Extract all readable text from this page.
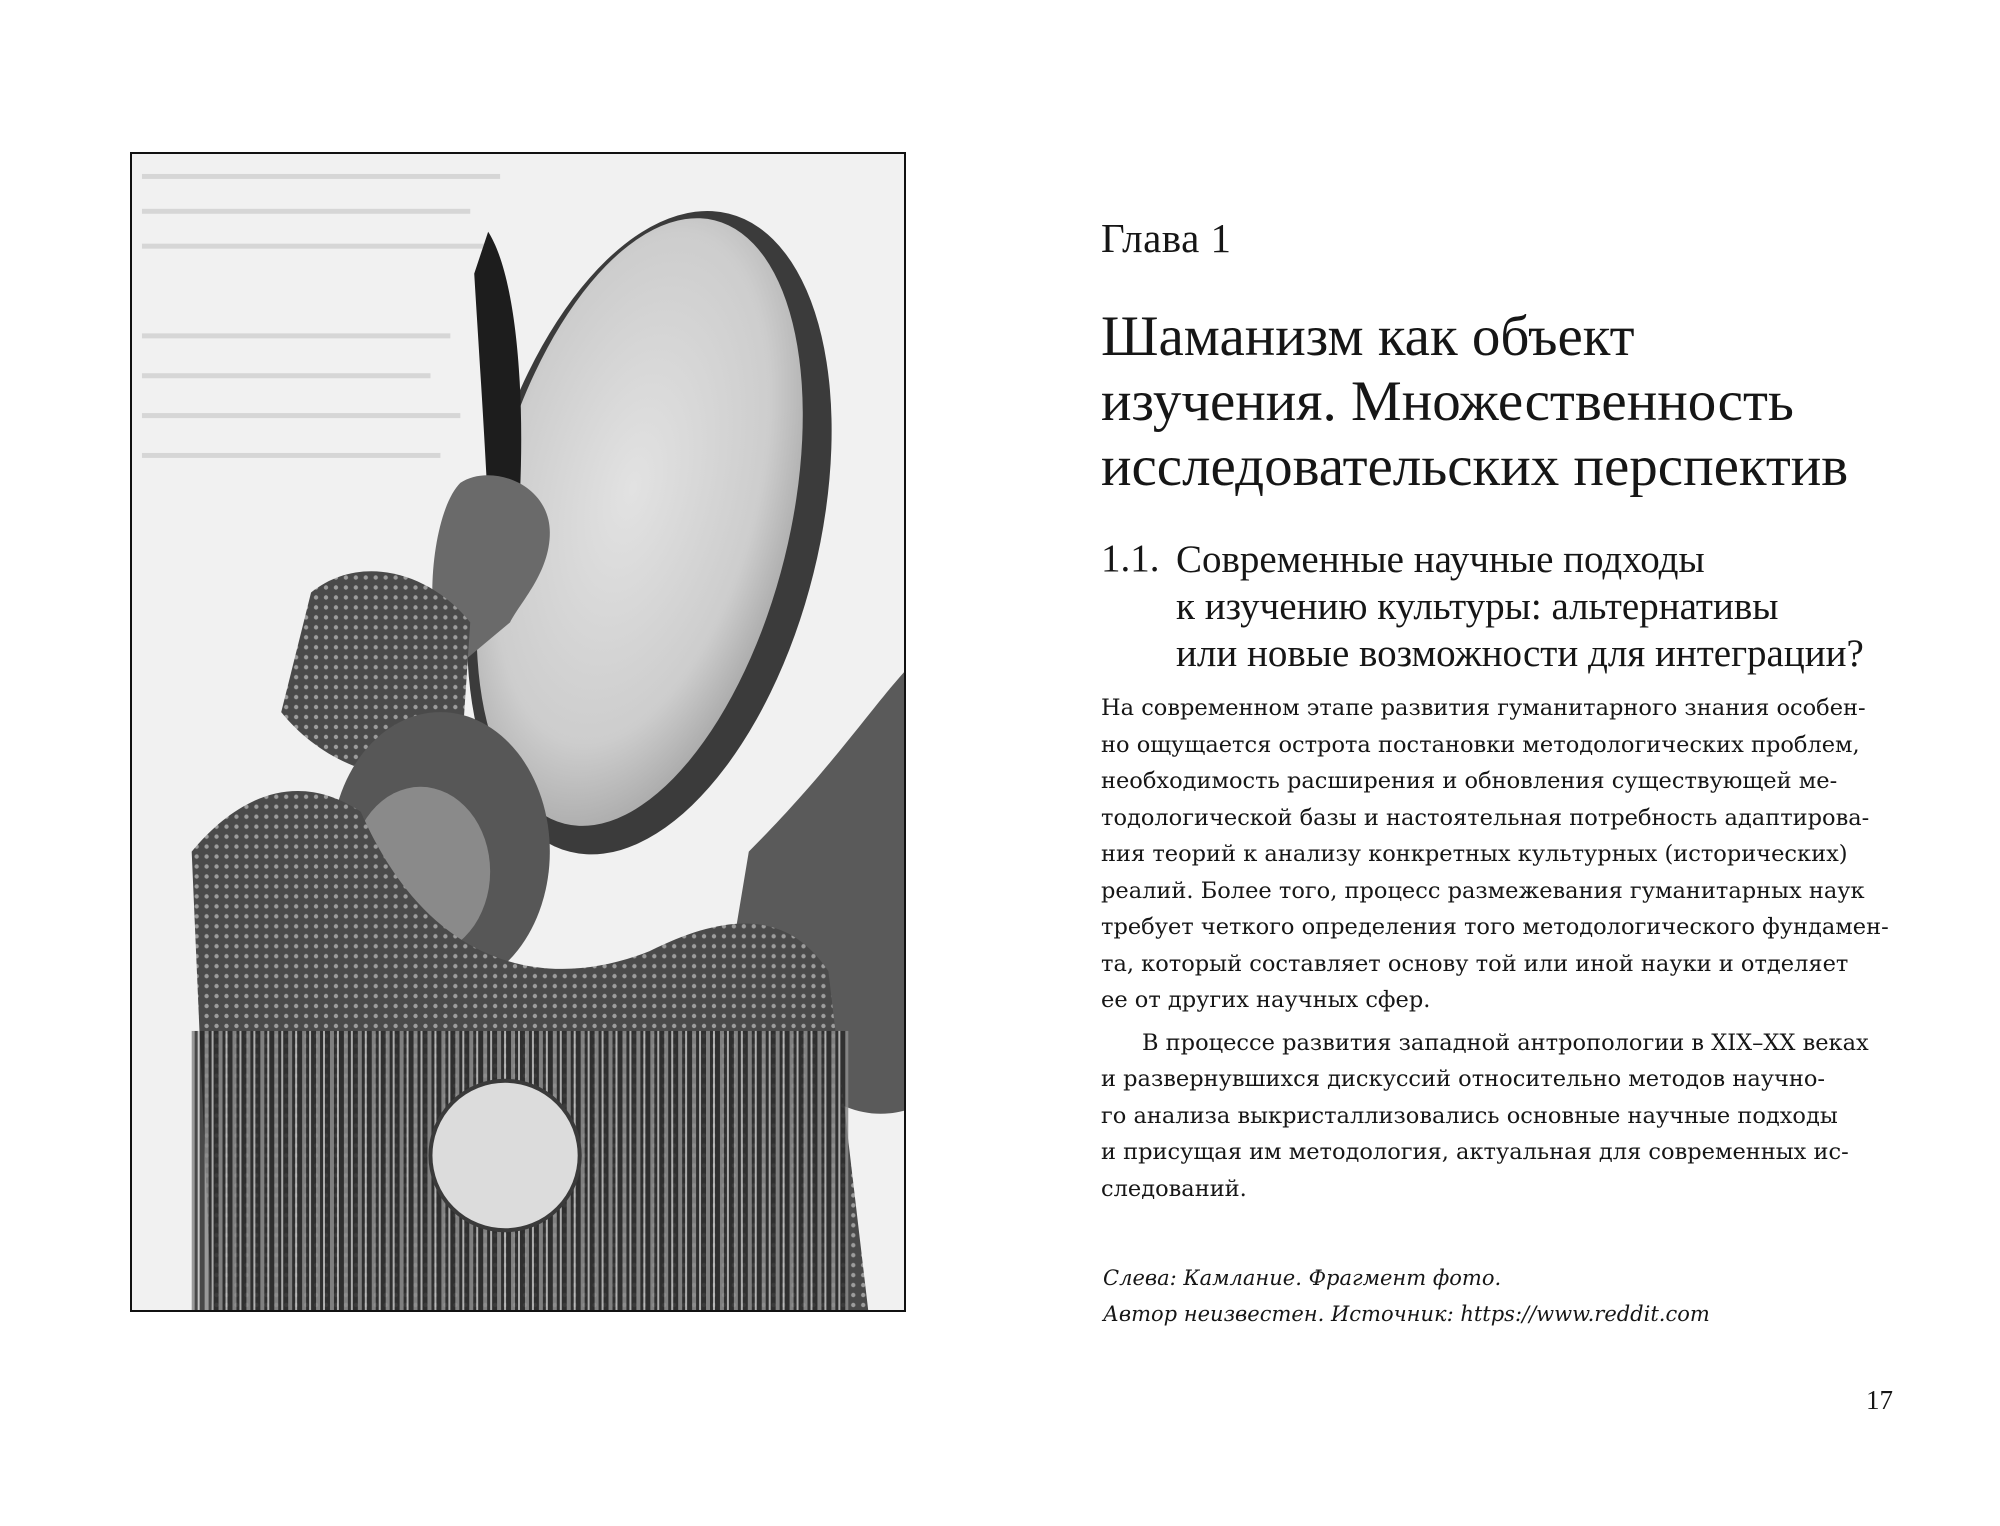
Глава 1
Шаманизм как объект
изучения. Множественность
исследовательских перспектив
1.1. Современные научные подходы
к изучению культуры: альтернативы
или новые возможности для интеграции?
На современном этапе развития гуманитарного знания особен-
но ощущается острота постановки методологических проблем,
необходимость расширения и обновления существующей ме-
тодологической базы и настоятельная потребность адаптирова-
ния теорий к анализу конкретных культурных (исторических)
реалий. Более того, процесс размежевания гуманитарных наук
требует четкого определения того методологического фундамен-
та, который составляет основу той или иной науки и отделяет
ее от других научных сфер.
В процессе развития западной антропологии в XIX–XX веках
и развернувшихся дискуссий относительно методов научно-
го анализа выкристаллизовались основные научные подходы
и присущая им методология, актуальная для современных ис-
следований.
Слева: Камлание. Фрагмент фото.
Автор неизвестен. Источник: https://www.reddit.com
17
